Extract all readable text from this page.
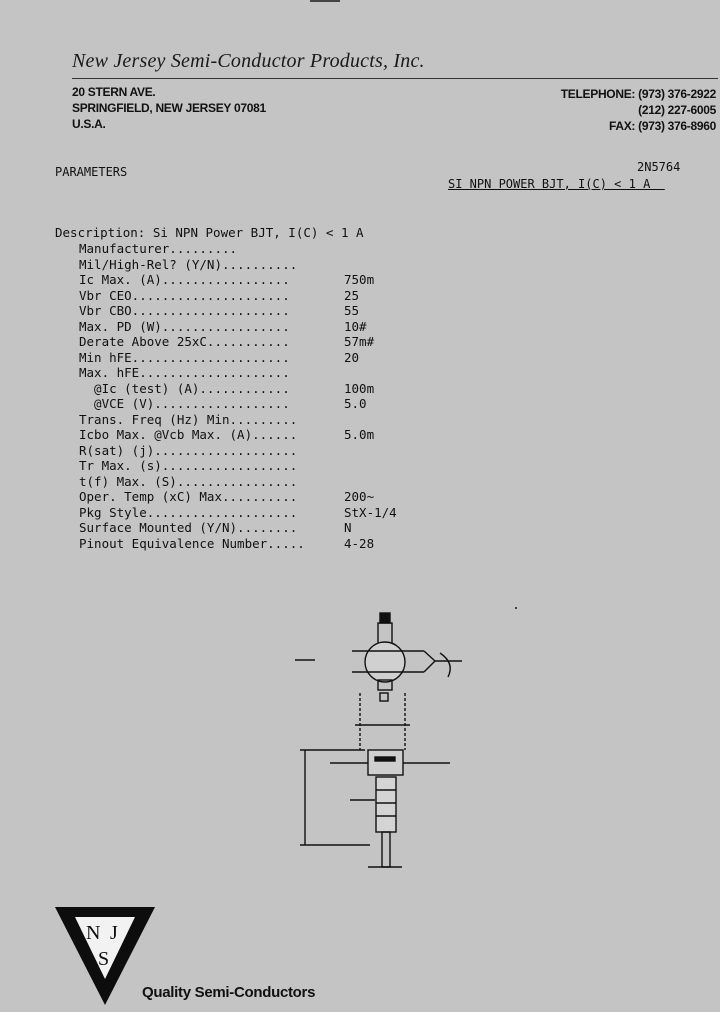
New Jersey Semi-Conductor Products, Inc.
20 STERN AVE.
SPRINGFIELD, NEW JERSEY 07081
U.S.A.
TELEPHONE: (973) 376-2922
(212) 227-6005
FAX: (973) 376-8960
PARAMETERS	2N5764
SI NPN POWER BJT, I(C) < 1 A
Description: Si NPN Power BJT, I(C) < 1 A
Manufacturer.........
Mil/High-Rel? (Y/N)..........
Ic Max. (A).................	750m
Vbr CEO.....................	25
Vbr CBO.....................	55
Max. PD (W).................	10#
Derate Above 25xC...........	57m#
Min hFE.....................	20
Max. hFE....................
@Ic (test) (A)............	100m
@VCE (V)..................	5.0
Trans. Freq (Hz) Min.........
Icbo Max. @Vcb Max. (A)......	5.0m
R(sat) (j)...................
Tr Max. (s)..................
t(f) Max. (S)................
Oper. Temp (xC) Max..........	200~
Pkg Style....................	StX-1/4
Surface Mounted (Y/N)........	N
Pinout Equivalence Number.....	4-28
N J
S
Quality Semi-Conductors
